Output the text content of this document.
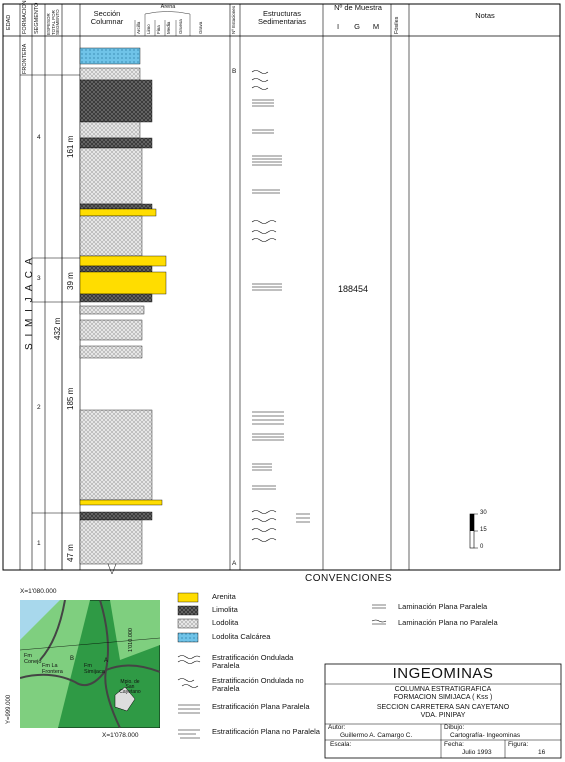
EDAD FORMACION SEGMENTO ESPESOR TOTAL POR SEGMENTO	Sección Columnar
Arena
Arcilla Limo Fina Media Gruesa	Grava	Nº Estaciones	Estructuras Sedimentarias
Nº de Muestra
I	G M	Fósiles
Notas
FRONTERA
S I M I J A C A
4
3
2
1
161 m
39 m
432 m
185 m
47 m
B
A
188454
30
15
0
CONVENCIONES
Arenita
Limolita
Lodolita
Lodolita Calcárea
Estratificación Ondulada Paralela
Estratificación Ondulada no Paralela
Estratificación Plana Paralela
Estratificación Plana no Paralela
Laminación Plana Paralela
Laminación Plana no Paralela
X=1'080.000
X=1'078.000
Y=999.000
1'010.000
Fm Conejo
Fm La Frontera
Fm Simijaca
A
B
Mpio. de San Cayetano
INGEOMINAS
COLUMNA ESTRATIGRAFICA
FORMACION SIMIJACA ( Kss )
SECCION CARRETERA SAN CAYETANO
VDA. PINIPAY
Autor:
Guillermo A. Camargo C.
Dibujo:
Cartografía- Ingeominas
Escala:	Fecha:
Julio 1993
Figura:
16
